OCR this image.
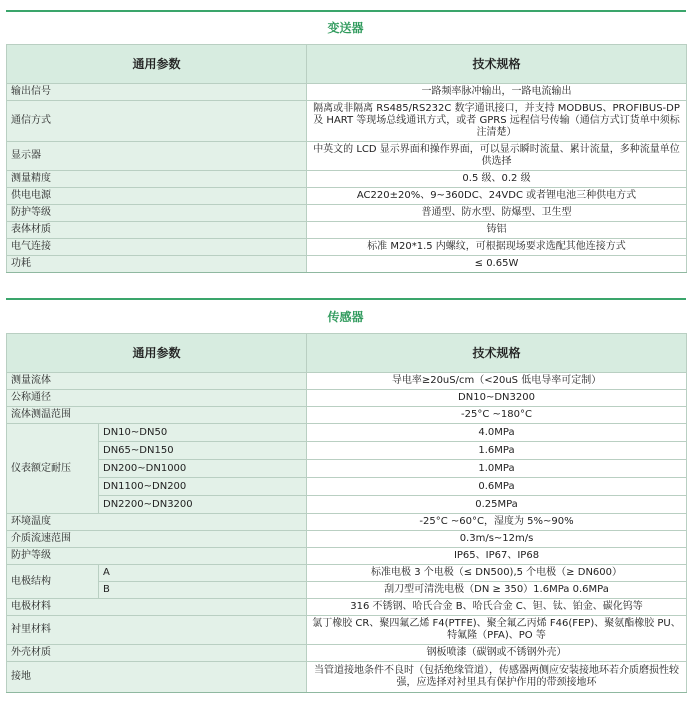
变送器
通用参数	技术规格
输出信号	一路频率脉冲输出，一路电流输出
通信方式	隔离或非隔离 RS485/RS232C 数字通讯接口，并支持 MODBUS、PROFIBUS-DP 及 HART 等现场总线通讯方式，或者 GPRS 远程信号传输（通信方式订货单中须标注清楚）
显示器	中英文的 LCD 显示界面和操作界面，可以显示瞬时流量、累计流量，多种流量单位供选择
测量精度	0.5 级、0.2 级
供电电源	AC220±20%、9~360DC、24VDC 或者锂电池三种供电方式
防护等级	普通型、防水型、防爆型、卫生型
表体材质	铸铝
电气连接	标准 M20*1.5 内螺纹，可根据现场要求选配其他连接方式
功耗	≤ 0.65W
传感器
通用参数		技术规格
测量流体		导电率≥20uS/cm（<20uS 低电导率可定制）
公称通径		DN10~DN3200
流体测温范围		-25°C ~180°C
仪表额定耐压	DN10~DN50	4.0MPa
	DN65~DN150	1.6MPa
	DN200~DN1000	1.0MPa
	DN1100~DN200	0.6MPa
	DN2200~DN3200	0.25MPa
环境温度		-25°C ~60°C，湿度为 5%~90%
介质流速范围		0.3m/s~12m/s
防护等级		IP65、IP67、IP68
电极结构	A	标准电极 3 个电极（≤ DN500),5 个电极（≥ DN600）
	B	刮刀型可清洗电极（DN ≥ 350）1.6MPa 0.6MPa
电极材料		316 不锈钢、哈氏合金 B、哈氏合金 C、钽、钛、铂金、碳化钨等
衬里材料		氯丁橡胶 CR、聚四氟乙烯 F4(PTFE)、聚全氟乙丙烯 F46(FEP)、聚氨酯橡胶 PU、特氟隆（PFA)、PO 等
外壳材质		钢板喷漆（碳钢或不锈钢外壳）
接地		当管道接地条件不良时（包括绝缘管道），传感器两侧应安装接地环若介质磨损性较强，应选择对衬里具有保护作用的带颈接地环
